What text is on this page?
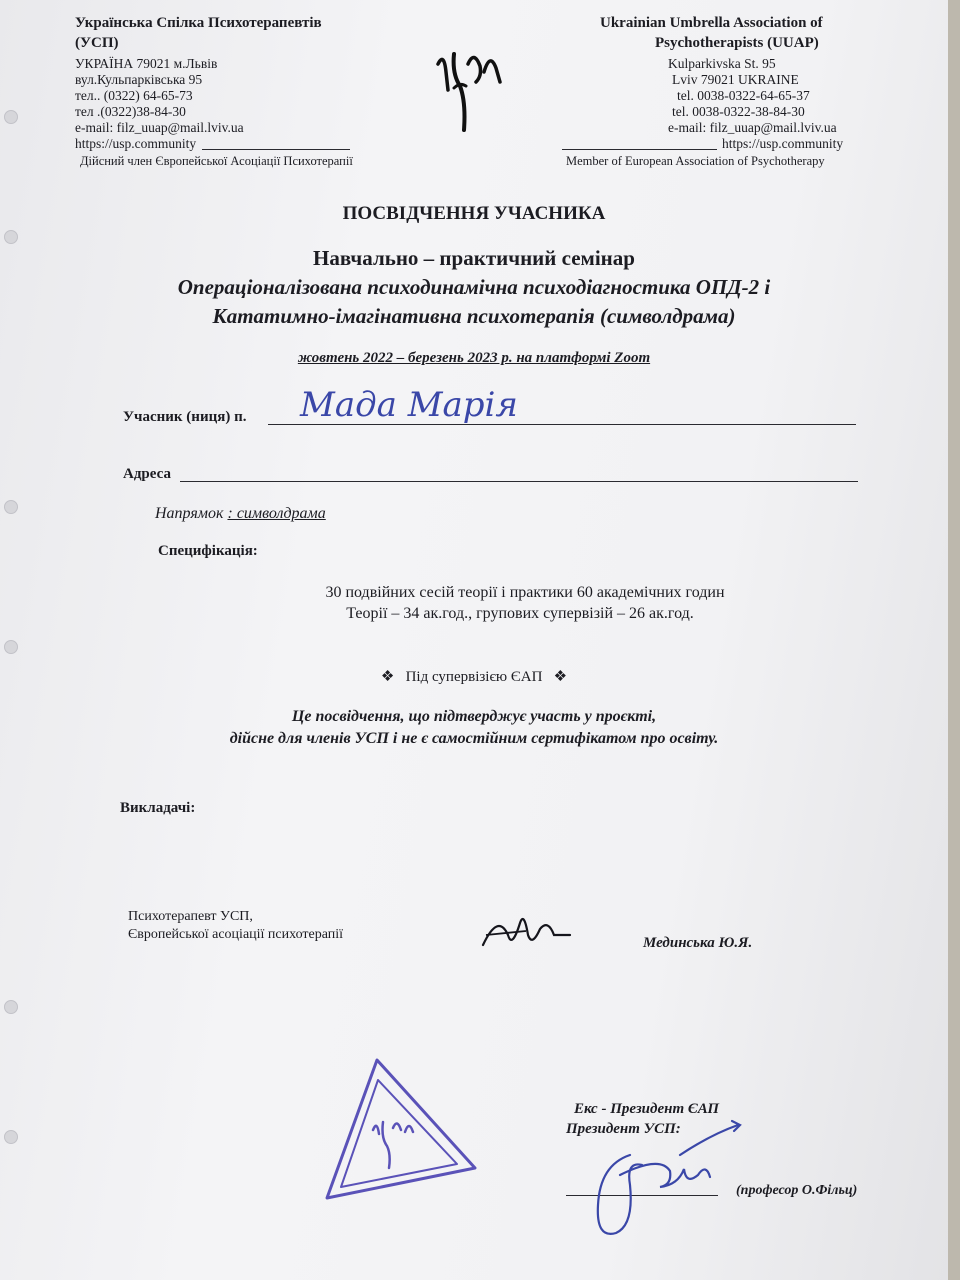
Українська Спілка Психотерапевтів
(УСП)
УКРАЇНА 79021 м.Львів
вул.Кульпарківська 95
тел.. (0322) 64-65-73
тел .(0322)38-84-30
e-mail: filz_uuap@mail.lviv.ua
https://usp.community
Дійсний член Європейської Асоціації Психотерапії
Ukrainian Umbrella Association of
Psychotherapists (UUAP)
Kulparkivska St. 95
Lviv 79021 UKRAINE
tel. 0038-0322-64-65-37
tel. 0038-0322-38-84-30
e-mail: filz_uuap@mail.lviv.ua
https://usp.community
Member of European Association of Psychotherapy
ПОСВІДЧЕННЯ УЧАСНИКА
Навчально – практичний семінар
Операціоналізована психодинамічна психодіагностика ОПД-2 і
Кататимно-імагінативна психотерапія (символдрама)
жовтень 2022 – березень 2023 р. на платформі Zoom
Учасник (ниця) п. Мада Марія
Адреса
Напрямок : символдрама
Специфікація:
30 подвійних сесій теорії і практики 60 академічних годин
Теорії – 34 ак.год., групових супервізій – 26 ак.год.
❖ Під супервізією ЄАП ❖
Це посвідчення, що підтверджує участь у проєкті,
дійсне для членів УСП і не є самостійним сертифікатом про освіту.
Викладачі:
Психотерапевт УСП,
Європейської асоціації психотерапії
Мединська Ю.Я.
Екс - Президент ЄАП
Президент УСП:
(професор О.Фільц)
